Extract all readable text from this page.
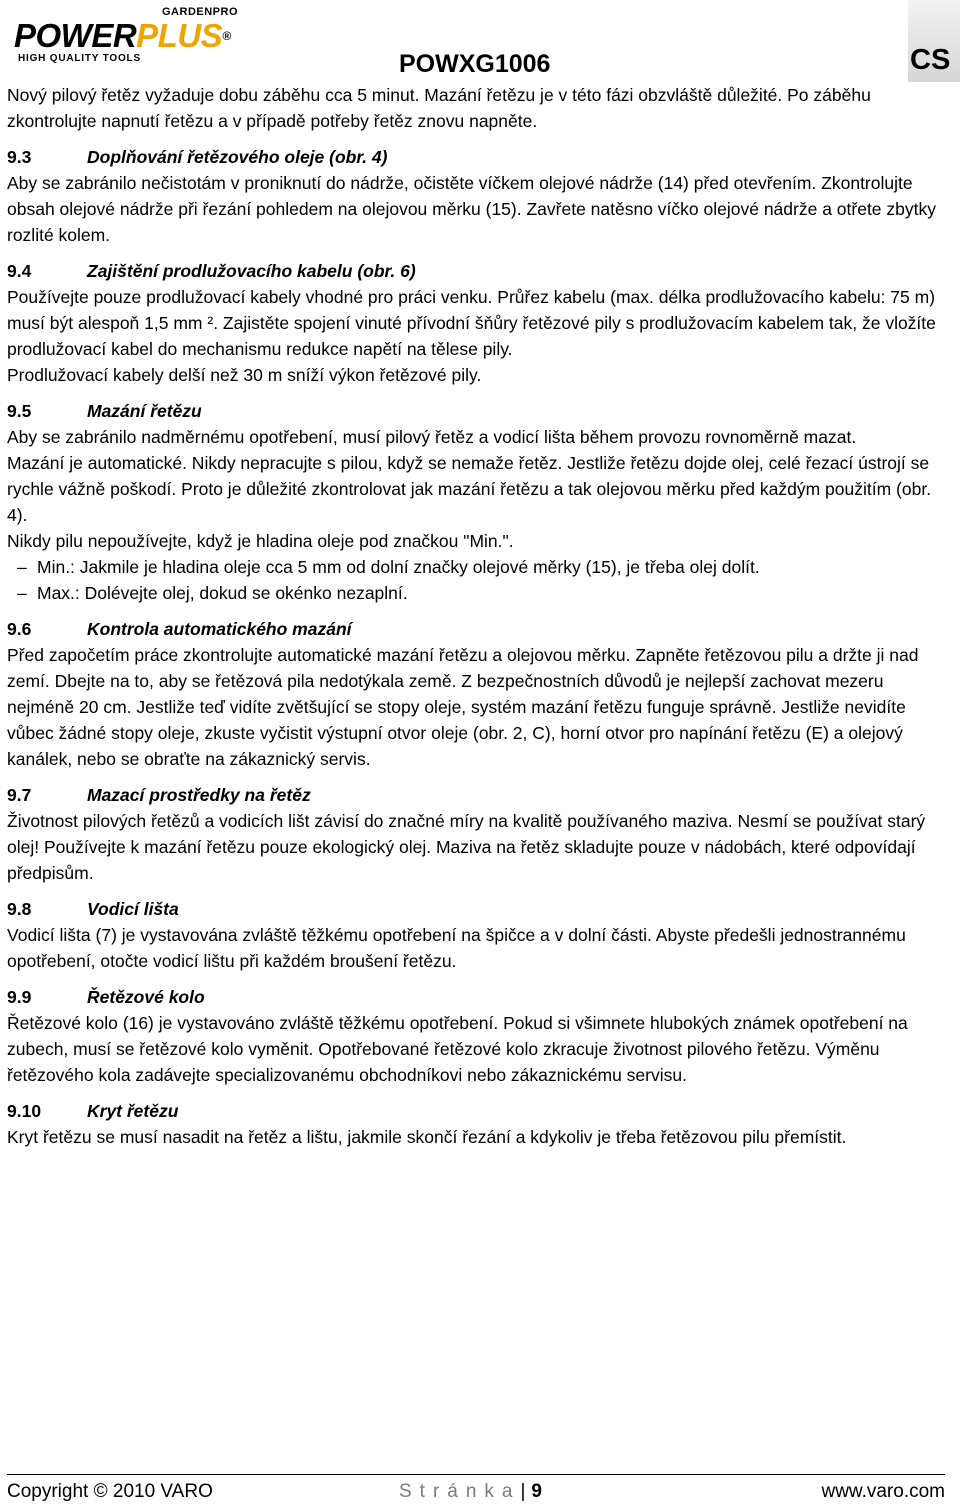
GARDENPRO
POWERPLUS®
HIGH QUALITY TOOLS	POWXG1006	CS

Nový pilový řetěz vyžaduje dobu záběhu cca 5 minut. Mazání řetězu je v této fázi obzvláště důležité. Po záběhu zkontrolujte napnutí řetězu a v případě potřeby řetěz znovu napněte.

9.3	Doplňování řetězového oleje (obr. 4)

Aby se zabránilo nečistotám v proniknutí do nádrže, očistěte víčkem olejové nádrže (14) před otevřením. Zkontrolujte obsah olejové nádrže při řezání pohledem na olejovou měrku (15). Zavřete natěsno víčko olejové nádrže a otřete zbytky rozlité kolem.

9.4	Zajištění prodlužovacího kabelu (obr. 6)

Používejte pouze prodlužovací kabely vhodné pro práci venku. Průřez kabelu (max. délka prodlužovacího kabelu: 75 m) musí být alespoň 1,5 mm ². Zajistěte spojení vinuté přívodní šňůry řetězové pily s prodlužovacím kabelem tak, že vložíte prodlužovací kabel do mechanismu redukce napětí na tělese pily.

Prodlužovací kabely delší než 30 m sníží výkon řetězové pily.

9.5	Mazání řetězu

Aby se zabránilo nadměrnému opotřebení, musí pilový řetěz a vodicí lišta během provozu rovnoměrně mazat.

Mazání je automatické. Nikdy nepracujte s pilou, když se nemaže řetěz. Jestliže řetězu dojde olej, celé řezací ústrojí se rychle vážně poškodí. Proto je důležité zkontrolovat jak mazání řetězu a tak olejovou měrku před každým použitím (obr. 4).

Nikdy pilu nepoužívejte, když je hladina oleje pod značkou "Min.".

– Min.: Jakmile je hladina oleje cca 5 mm od dolní značky olejové měrky (15), je třeba olej dolít.
– Max.: Dolévejte olej, dokud se okénko nezaplní.
9.6	Kontrola automatického mazání

Před započetím práce zkontrolujte automatické mazání řetězu a olejovou měrku. Zapněte řetězovou pilu a držte ji nad zemí. Dbejte na to, aby se řetězová pila nedotýkala země. Z bezpečnostních důvodů je nejlepší zachovat mezeru nejméně 20 cm. Jestliže teď vidíte zvětšující se stopy oleje, systém mazání řetězu funguje správně. Jestliže nevidíte vůbec žádné stopy oleje, zkuste vyčistit výstupní otvor oleje (obr. 2, C), horní otvor pro napínání řetězu (E) a olejový kanálek, nebo se obraťte na zákaznický servis.

9.7	Mazací prostředky na řetěz

Životnost pilových řetězů a vodicích lišt závisí do značné míry na kvalitě používaného maziva. Nesmí se používat starý olej! Používejte k mazání řetězu pouze ekologický olej. Maziva na řetěz skladujte pouze v nádobách, které odpovídají předpisům.

9.8	Vodicí lišta

Vodicí lišta (7) je vystavována zvláště těžkému opotřebení na špičce a v dolní části. Abyste předešli jednostrannému opotřebení, otočte vodicí lištu při každém broušení řetězu.

9.9	Řetězové kolo

Řetězové kolo (16) je vystavováno zvláště těžkému opotřebení. Pokud si všimnete hlubokých známek opotřebení na zubech, musí se řetězové kolo vyměnit. Opotřebované řetězové kolo zkracuje životnost pilového řetězu. Výměnu řetězového kola zadávejte specializovanému obchodníkovi nebo zákaznickému servisu.

9.10	Kryt řetězu

Kryt řetězu se musí nasadit na řetěz a lištu, jakmile skončí řezání a kdykoliv je třeba řetězovou pilu přemístit.

Copyright © 2010 VARO	Stránka| 9	www.varo.com
